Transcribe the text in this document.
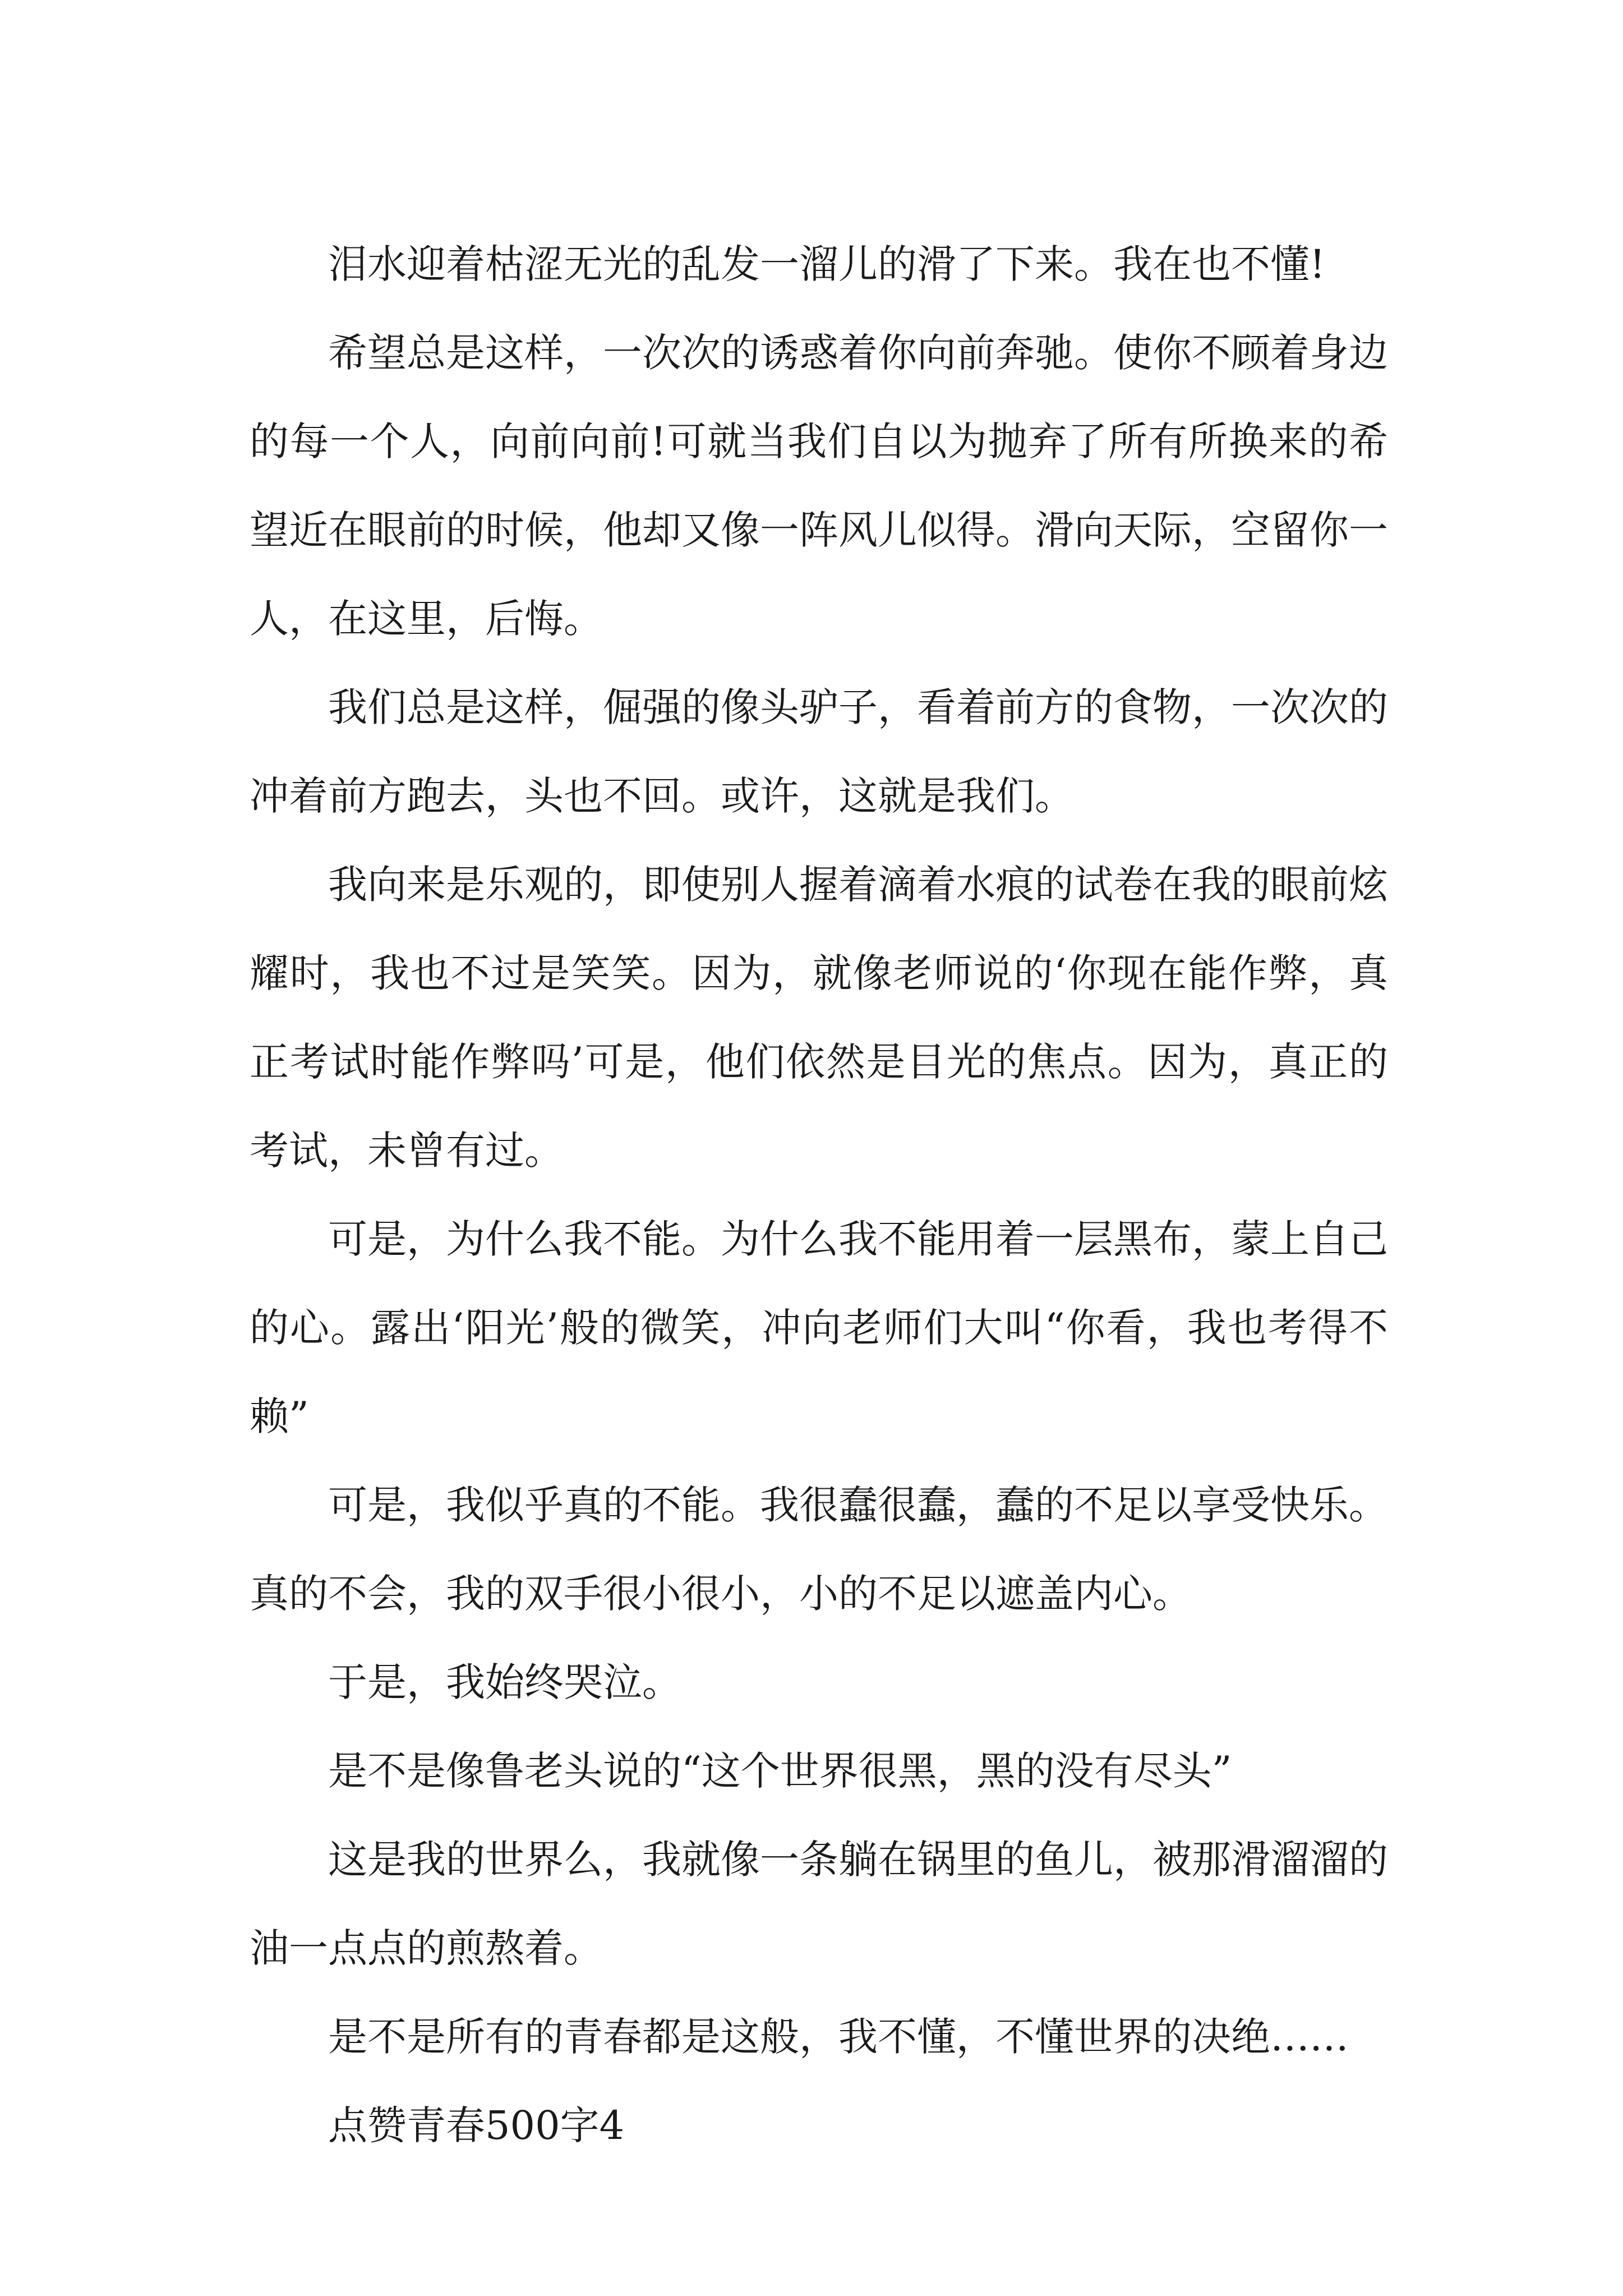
泪水迎着枯涩无光的乱发一溜儿的滑了下来。我在也不懂!

希望总是这样，一次次的诱惑着你向前奔驰。使你不顾着身边的每一个人，向前向前!可就当我们自以为抛弃了所有所换来的希望近在眼前的时候，他却又像一阵风儿似得。滑向天际，空留你一人，在这里，后悔。

我们总是这样，倔强的像头驴子，看着前方的食物，一次次的冲着前方跑去，头也不回。或许，这就是我们。

我向来是乐观的，即使别人握着滴着水痕的试卷在我的眼前炫耀时，我也不过是笑笑。因为，就像老师说的‘你现在能作弊，真正考试时能作弊吗’可是，他们依然是目光的焦点。因为，真正的考试，未曾有过。

可是，为什么我不能。为什么我不能用着一层黑布，蒙上自己的心。露出‘阳光’般的微笑，冲向老师们大叫“你看，我也考得不赖”

可是，我似乎真的不能。我很蠢很蠢，蠢的不足以享受快乐。真的不会，我的双手很小很小，小的不足以遮盖内心。

于是，我始终哭泣。

是不是像鲁老头说的“这个世界很黑，黑的没有尽头”

这是我的世界么，我就像一条躺在锅里的鱼儿，被那滑溜溜的油一点点的煎熬着。

是不是所有的青春都是这般，我不懂，不懂世界的决绝……

点赞青春500字4
